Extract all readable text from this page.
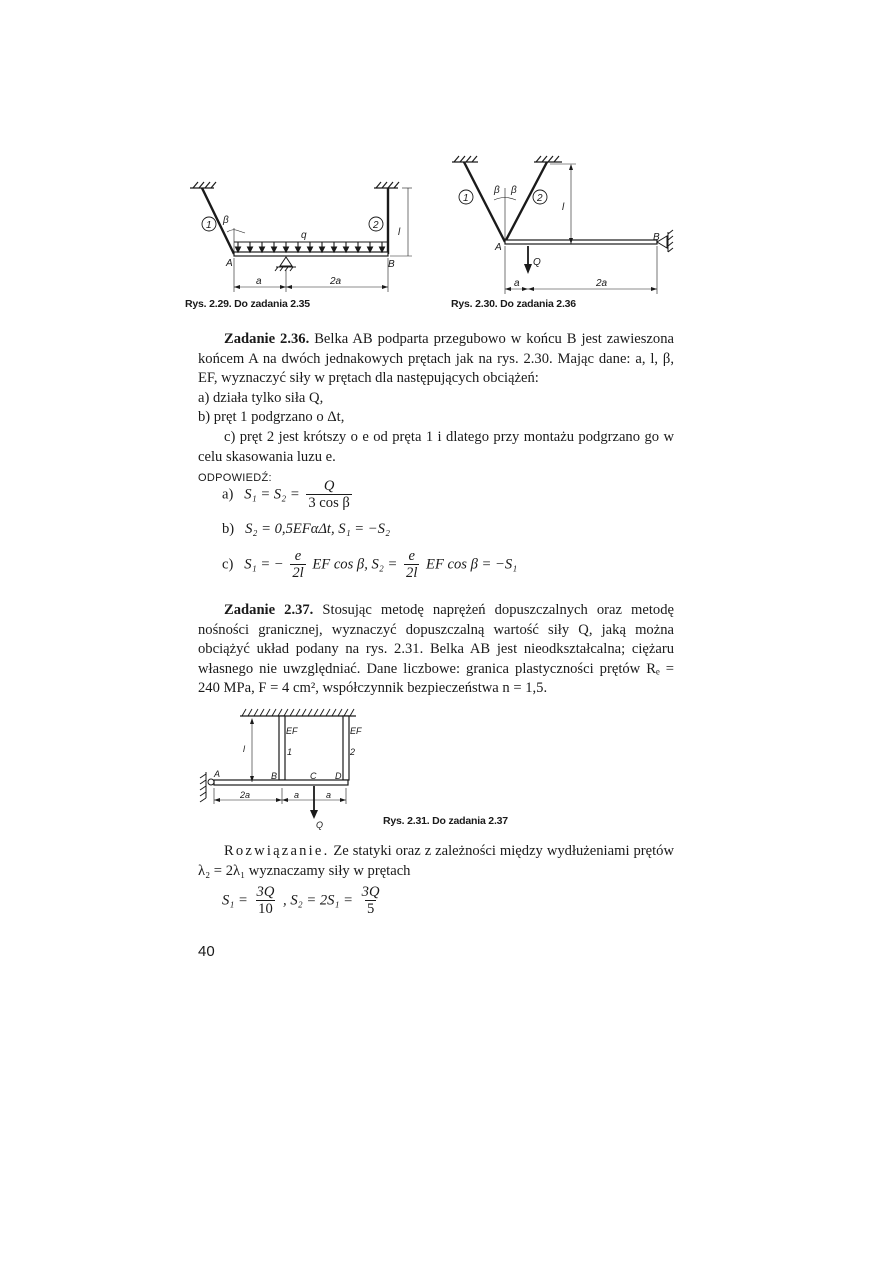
1	2
β
q
A	B
l
a	2a
Rys. 2.29. Do zadania 2.35
1	2
β β
A
B
l
Q
a	2a
Rys. 2.30. Do zadania 2.36

Zadanie 2.36. Belka AB podparta przegubowo w końcu B jest zawieszona końcem A na dwóch jednakowych prętach jak na rys. 2.30. Mając dane: a, l, β, EF, wyznaczyć siły w prętach dla następujących obciążeń:

a) działa tylko siła Q,

b) pręt 1 podgrzano o Δt,

c) pręt 2 jest krótszy o e od pręta 1 i dlatego przy montażu podgrzano go w celu skasowania luzu e.

ODPOWIEDŹ:

a) $S_1 = S_2 = \frac{Q}{\text{3 cos β}}$
b) S₂ = 0,5EFαΔt, S₁ = −S₂
c) S₁ = − $\frac{e}{2l}$ EF cos β, $S_2 = \frac{e}{2l}$ EF cos β = −S₁

Zadanie 2.37. Stosując metodę naprężeń dopuszczalnych oraz metodę nośności granicznej, wyznaczyć dopuszczalną wartość siły Q, jaką można obciążyć układ podany na rys. 2.31. Belka AB jest nieodkształcalna; ciężaru własnego nie uwzględniać. Dane liczbowe: granica plastyczności prętów Rₑ = 240 MPa, F = 4 cm², współczynnik bezpieczeństwa n = 1,5.

EF	EF
1	2
l
A	B	C D
2a	a	a
Q	Rys. 2.31. Do zadania 2.37

Rozwiązanie. Ze statyki oraz z zależności między wydłużeniami prętów λ₂ = 2λ₁ wyznaczamy siły w prętach

$S_1 = \frac{3Q}{10}$ , $S_2 = 2S_1 = \frac{3Q}{5}$
40
